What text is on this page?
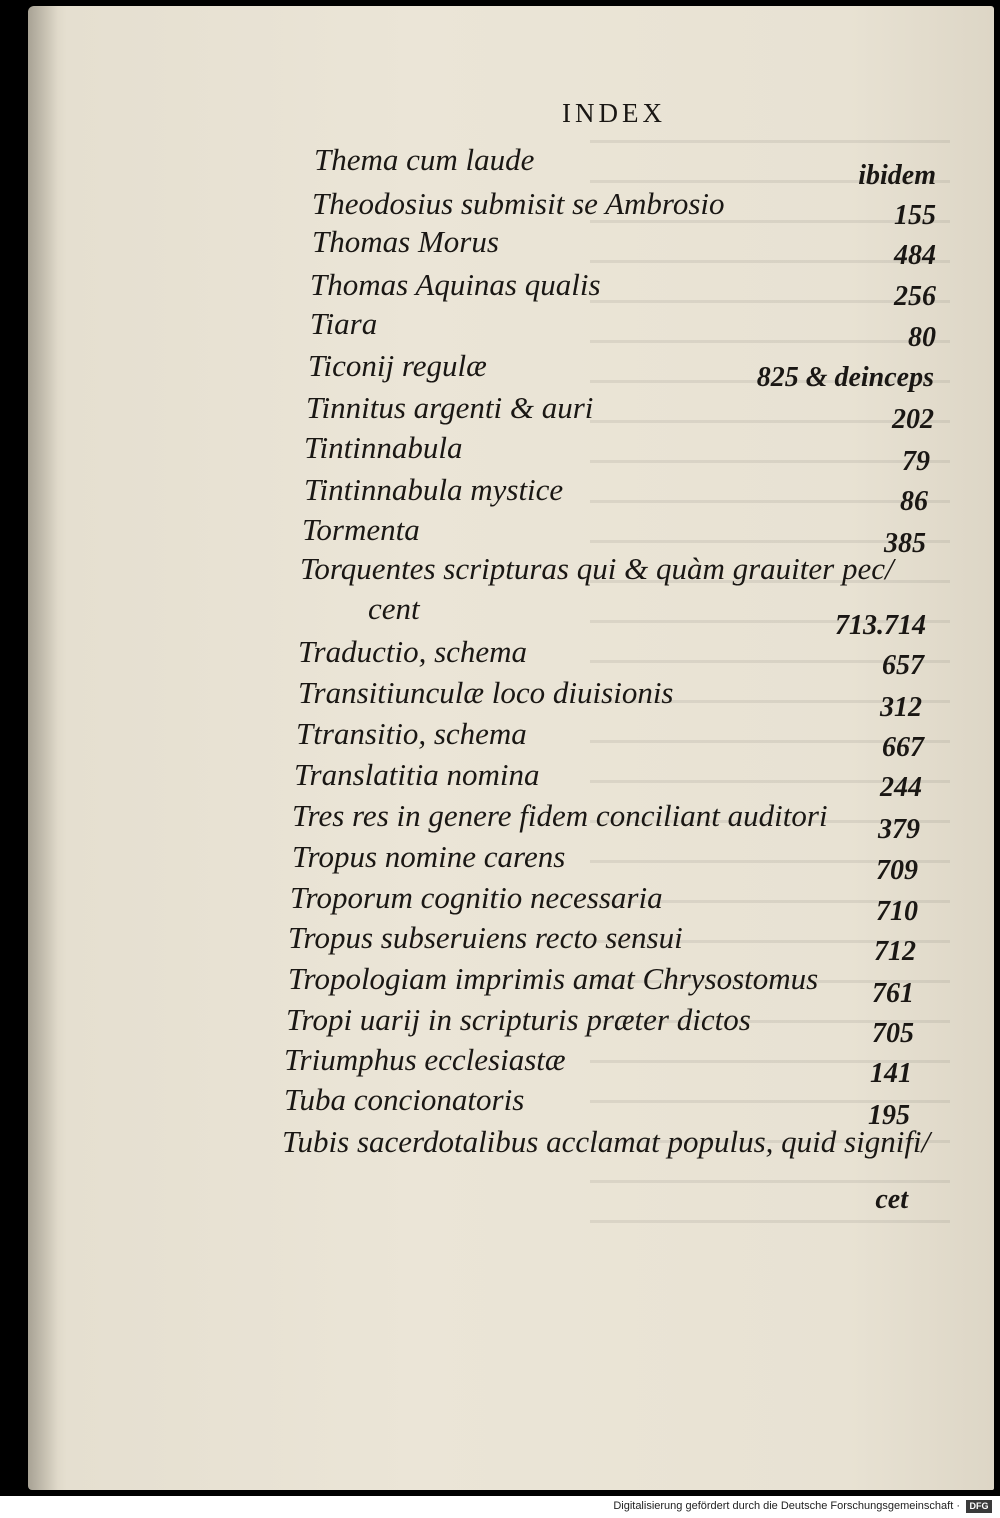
INDEX
Thema cum laude	ibidem
Theodosius submisit se Ambrosio	155
Thomas Morus	484
Thomas Aquinas qualis	256
Tiara	80
Ticonij regulæ	825 & deinceps
Tinnitus argenti & auri	202
Tintinnabula	79
Tintinnabula mystice	86
Tormenta	385
Torquentes scripturas qui & quàm grauiter pec/
cent	713.714
Traductio, schema	657
Transitiunculæ loco diuisionis	312
Ttransitio, schema	667
Translatitia nomina	244
Tres res in genere fidem conciliant auditori 379
Tropus nomine carens	709
Troporum cognitio necessaria	710
Tropus subseruiens recto sensui	712
Tropologiam imprimis amat Chrysostomus 761
Tropi uarij in scripturis præter dictos	705
Triumphus ecclesiastæ	141
Tuba concionatoris	195
Tubis sacerdotalibus acclamat populus, quid signifi/
cet
Digitalisierung gefördert durch die Deutsche Forschungsgemeinschaft ·	DFG
